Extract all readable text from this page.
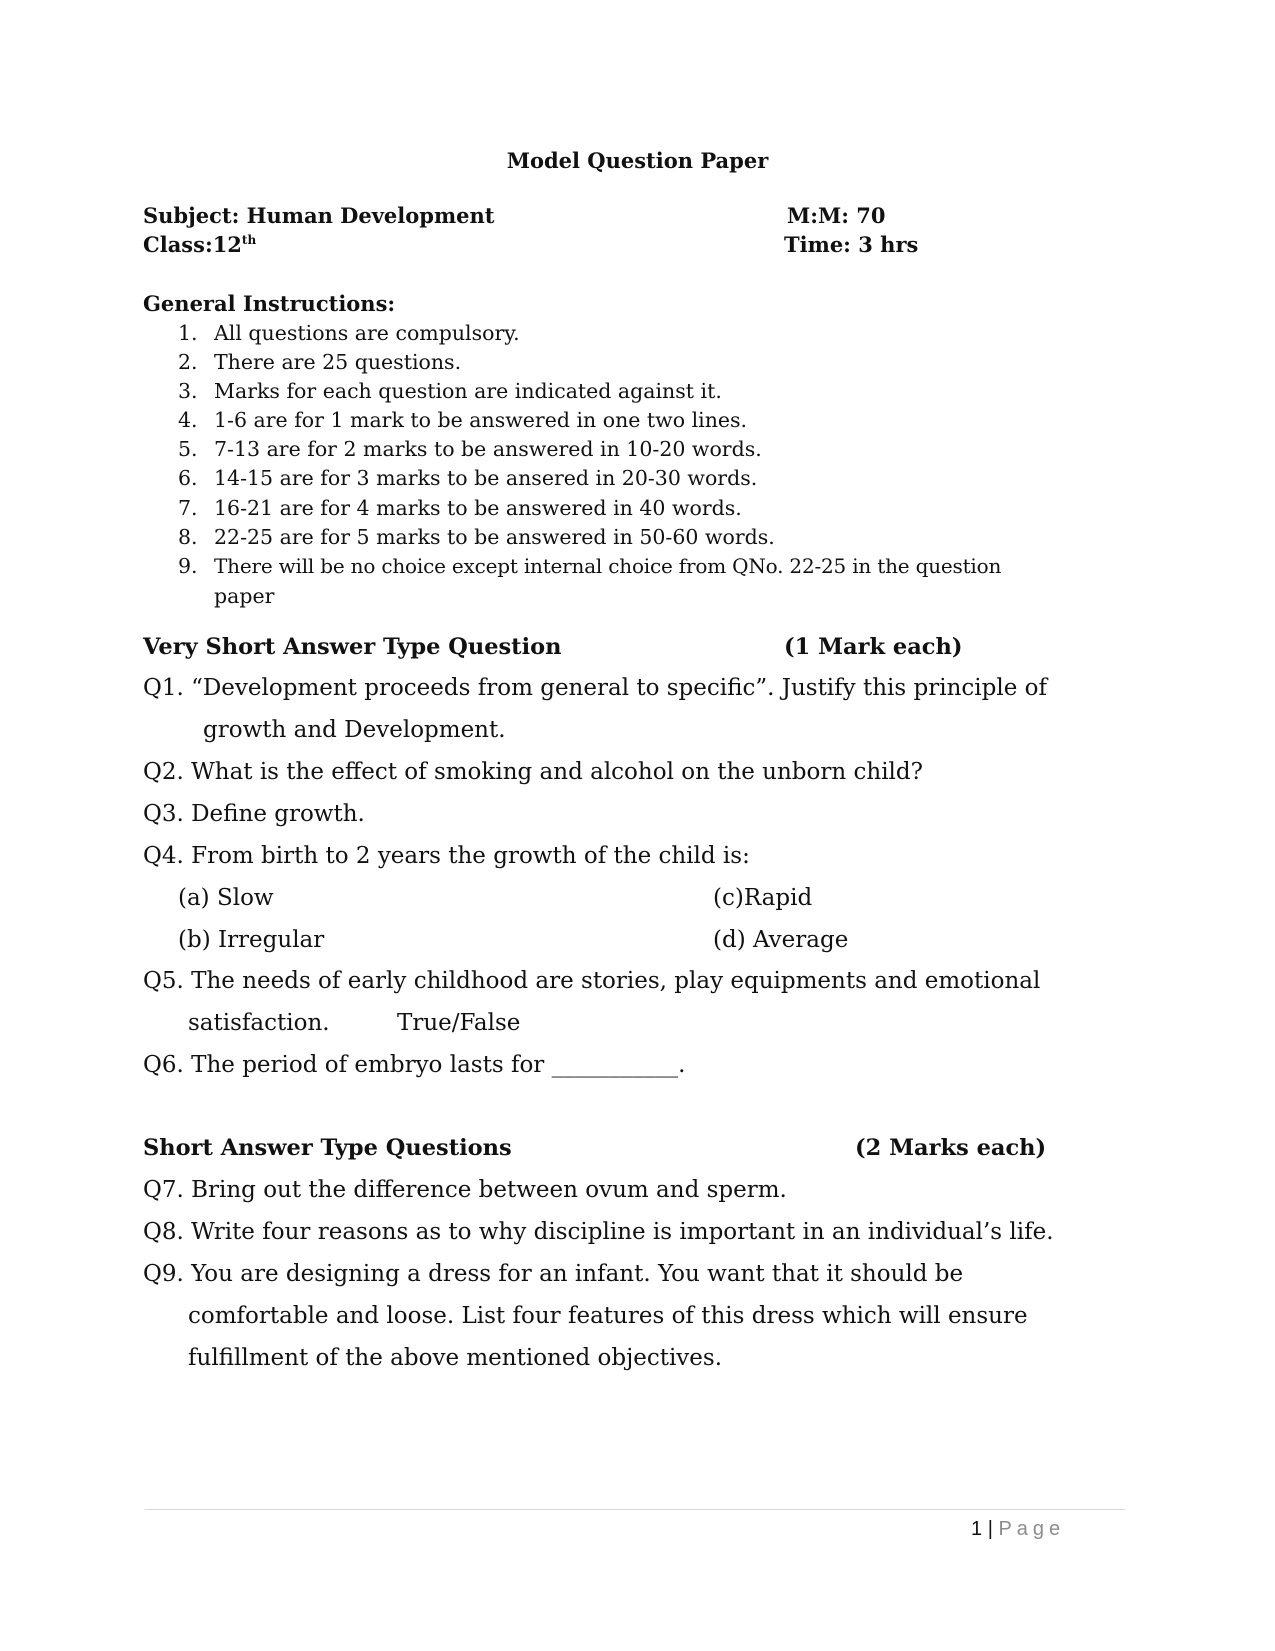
Model Question Paper
Subject: Human Development	M:M: 70
Class:12th	Time: 3 hrs
General Instructions:
1. All questions are compulsory.
2. There are 25 questions.
3. Marks for each question are indicated against it.
4. 1-6 are for 1 mark to be answered in one two lines.
5. 7-13 are for 2 marks to be answered in 10-20 words.
6. 14-15 are for 3 marks to be ansered in 20-30 words.
7. 16-21 are for 4 marks to be answered in 40 words.
8. 22-25 are for 5 marks to be answered in 50-60 words.
9. There will be no choice except internal choice from QNo. 22-25 in the question
paper
Very Short Answer Type Question	(1 Mark each)
Q1. “Development proceeds from general to specific”. Justify this principle of
growth and Development.
Q2. What is the effect of smoking and alcohol on the unborn child?
Q3. Define growth.
Q4. From birth to 2 years the growth of the child is:
(a) Slow	(c)Rapid
(b) Irregular	(d) Average
Q5. The needs of early childhood are stories, play equipments and emotional
satisfaction.	True/False
Q6. The period of embryo lasts for ___________.
Short Answer Type Questions	(2 Marks each)
Q7. Bring out the difference between ovum and sperm.
Q8. Write four reasons as to why discipline is important in an individual’s life.
Q9. You are designing a dress for an infant. You want that it should be
comfortable and loose. List four features of this dress which will ensure
fulfillment of the above mentioned objectives.
1 | Page
